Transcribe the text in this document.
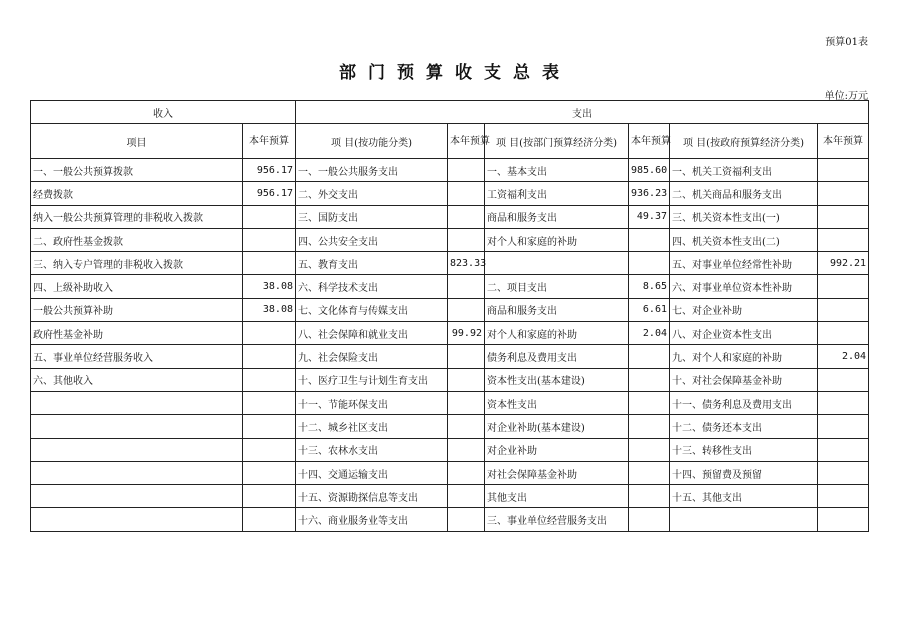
预算01表
部门预算收支总表
单位:万元
收入		支出					
项目	本年预算	项 目(按功能分类)	本年预算	项 目(按部门预算经济分类)	本年预算	项 目(按政府预算经济分类)	本年预算
一、一般公共预算拨款	956.17	一、一般公共服务支出		一、基本支出	985.60	一、机关工资福利支出	
经费拨款	956.17	二、外交支出		工资福利支出	936.23	二、机关商品和服务支出	
纳入一般公共预算管理的非税收入拨款		三、国防支出		商品和服务支出	49.37	三、机关资本性支出(一)	
二、政府性基金拨款		四、公共安全支出		对个人和家庭的补助		四、机关资本性支出(二)	
三、纳入专户管理的非税收入拨款		五、教育支出	823.33			五、对事业单位经常性补助	992.21
四、上级补助收入	38.08	六、科学技术支出		二、项目支出	8.65	六、对事业单位资本性补助	
一般公共预算补助	38.08	七、文化体育与传媒支出		商品和服务支出	6.61	七、对企业补助	
政府性基金补助		八、社会保障和就业支出	99.92	对个人和家庭的补助	2.04	八、对企业资本性支出	
五、事业单位经营服务收入		九、社会保险支出		债务利息及费用支出		九、对个人和家庭的补助	2.04
六、其他收入		十、医疗卫生与计划生育支出		资本性支出(基本建设)		十、对社会保障基金补助	
		十一、节能环保支出		资本性支出		十一、债务利息及费用支出	
		十二、城乡社区支出		对企业补助(基本建设)		十二、债务还本支出	
		十三、农林水支出		对企业补助		十三、转移性支出	
		十四、交通运输支出		对社会保障基金补助		十四、预留费及预留	
		十五、资源勘探信息等支出		其他支出		十五、其他支出	
		十六、商业服务业等支出		三、事业单位经营服务支出			
